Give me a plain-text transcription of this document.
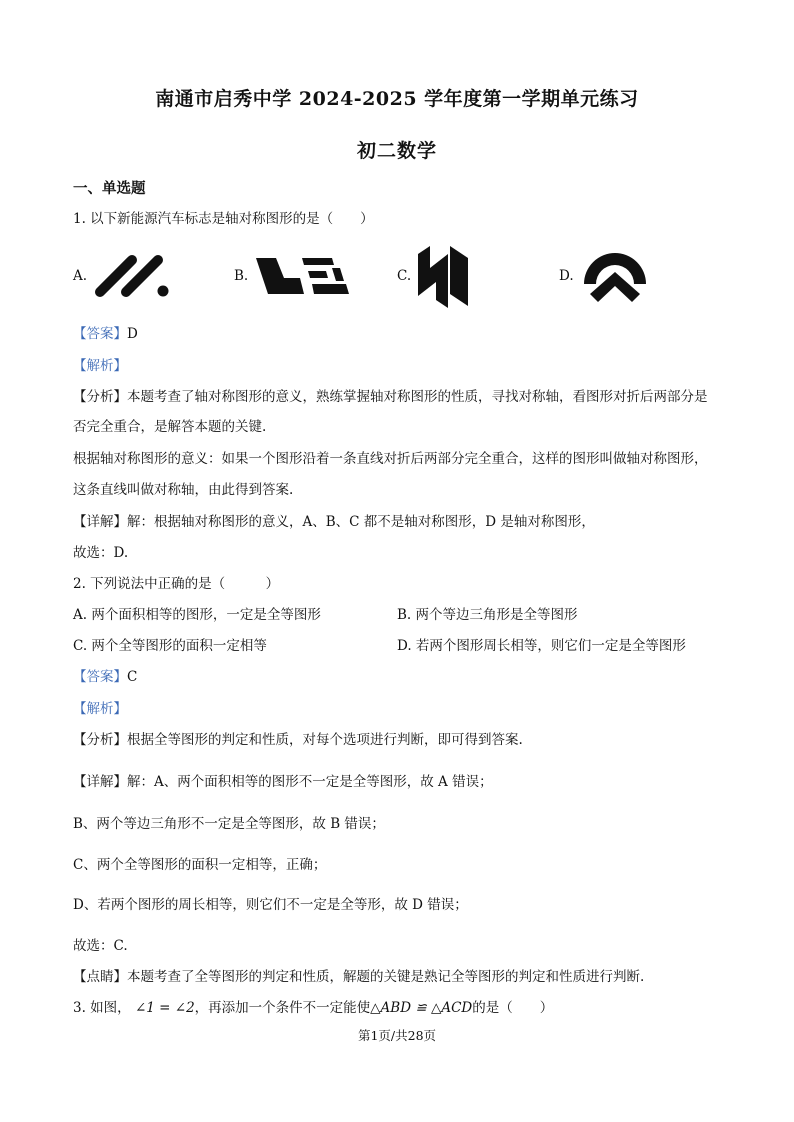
南通市启秀中学 2024-2025 学年度第一学期单元练习
初二数学
一、单选题
1. 以下新能源汽车标志是轴对称图形的是（　　）
A.	B.	C.	D.
【答案】D
【解析】
【分析】本题考查了轴对称图形的意义，熟练掌握轴对称图形的性质，寻找对称轴，看图形对折后两部分是
否完全重合，是解答本题的关键.
根据轴对称图形的意义：如果一个图形沿着一条直线对折后两部分完全重合，这样的图形叫做轴对称图形，
这条直线叫做对称轴，由此得到答案.
【详解】解：根据轴对称图形的意义，A、B、C 都不是轴对称图形，D 是轴对称图形，
故选：D.
2. 下列说法中正确的是（　　　）
A. 两个面积相等的图形，一定是全等图形	B. 两个等边三角形是全等图形
C. 两个全等图形的面积一定相等	D. 若两个图形周长相等，则它们一定是全等图形
【答案】C
【解析】
【分析】根据全等图形的判定和性质，对每个选项进行判断，即可得到答案.
【详解】解：A、两个面积相等的图形不一定是全等图形，故 A 错误；
B、两个等边三角形不一定是全等图形，故 B 错误；
C、两个全等图形的面积一定相等，正确；
D、若两个图形的周长相等，则它们不一定是全等形，故 D 错误；
故选：C.
【点睛】本题考查了全等图形的判定和性质，解题的关键是熟记全等图形的判定和性质进行判断.
3. 如图， ∠1 = ∠2，再添加一个条件不一定能使△ABD ≌ △ACD的是（　　）
第1页/共28页
